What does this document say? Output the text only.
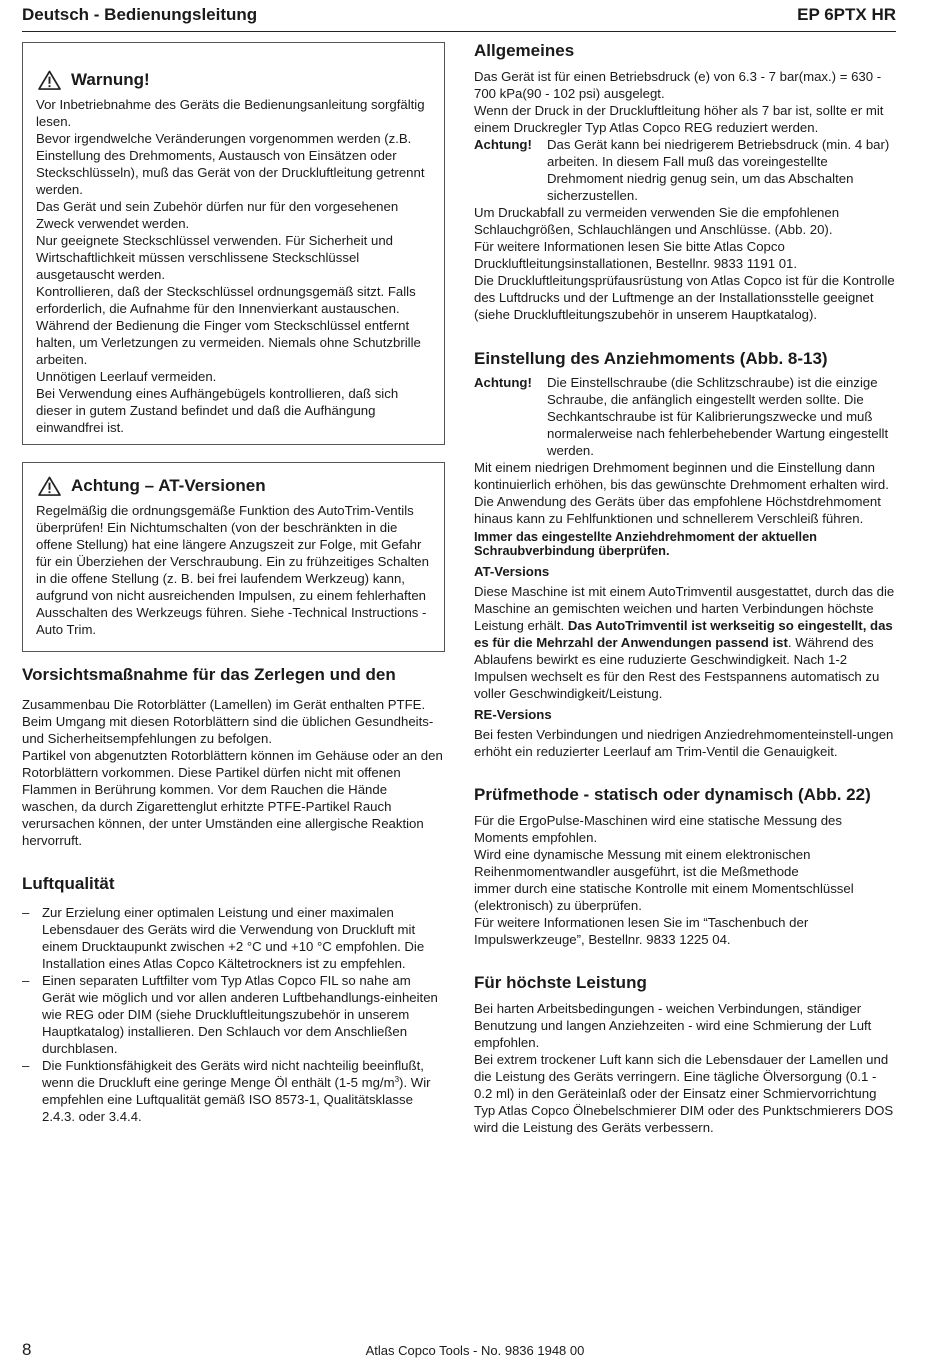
Deutsch - Bedienungsleitung	EP 6PTX HR
Warnung!

Vor Inbetriebnahme des Geräts die Bedienungsanleitung sorgfältig lesen.

Bevor irgendwelche Veränderungen vorgenommen werden (z.B. Einstellung des Drehmoments, Austausch von Einsätzen oder Steckschlüsseln), muß das Gerät von der Druckluftleitung getrennt werden.

Das Gerät und sein Zubehör dürfen nur für den vorgesehenen Zweck verwendet werden.

Nur geeignete Steckschlüssel verwenden. Für Sicherheit und Wirtschaftlichkeit müssen verschlissene Steckschlüssel ausgetauscht werden.

Kontrollieren, daß der Steckschlüssel ordnungsgemäß sitzt. Falls erforderlich, die Aufnahme für den Innenvierkant austauschen.

Während der Bedienung die Finger vom Steckschlüssel entfernt halten, um Verletzungen zu vermeiden. Niemals ohne Schutzbrille arbeiten.

Unnötigen Leerlauf vermeiden.

Bei Verwendung eines Aufhängebügels kontrollieren, daß sich dieser in gutem Zustand befindet und daß die Aufhängung einwandfrei ist.

Achtung – AT-Versionen

Regelmäßig die ordnungsgemäße Funktion des AutoTrim-Ventils überprüfen! Ein Nichtumschalten (von der beschränkten in die offene Stellung) hat eine längere Anzugszeit zur Folge, mit Gefahr für ein Überziehen der Verschraubung. Ein zu frühzeitiges Schalten in die offene Stellung (z. B. bei frei laufendem Werkzeug) kann, aufgrund von nicht ausreichenden Impulsen, zu einem fehlerhaften Ausschalten des Werkzeugs führen. Siehe -Technical Instructions - Auto Trim.

Vorsichtsmaßnahme für das Zerlegen und den

Zusammenbau Die Rotorblätter (Lamellen) im Gerät enthalten PTFE. Beim Umgang mit diesen Rotorblättern sind die üblichen Gesundheits- und Sicherheitsempfehlungen zu befolgen.

Partikel von abgenutzten Rotorblättern können im Gehäuse oder an den Rotorblättern vorkommen. Diese Partikel dürfen nicht mit offenen Flammen in Berührung kommen. Vor dem Rauchen die Hände waschen, da durch Zigarettenglut erhitzte PTFE-Partikel Rauch verursachen können, der unter Umständen eine allergische Reaktion hervorruft.

Luftqualität
– Zur Erzielung einer optimalen Leistung und einer maximalen Lebensdauer des Geräts wird die Verwendung von Druckluft mit einem Drucktaupunkt zwischen +2 °C und +10 °C empfohlen. Die Installation eines Atlas Copco Kältetrockners ist zu empfehlen.
– Einen separaten Luftfilter vom Typ Atlas Copco FIL so nahe am Gerät wie möglich und vor allen anderen Luftbehandlungs-einheiten wie REG oder DIM (siehe Druckluftleitungszubehör in unserem Hauptkatalog) installieren. Den Schlauch vor dem Anschließen durchblasen.
– Die Funktionsfähigkeit des Geräts wird nicht nachteilig beeinflußt, wenn die Druckluft eine geringe Menge Öl enthält (1-5 $mg/m^3$). Wir empfehlen eine Luftqualität gemäß ISO 8573-1, Qualitätsklasse 2.4.3. oder 3.4.4.
Allgemeines

Das Gerät ist für einen Betriebsdruck (e) von 6.3 - 7 bar(max.) = 630 - 700 kPa(90 - 102 psi) ausgelegt.

Wenn der Druck in der Druckluftleitung höher als 7 bar ist, sollte er mit einem Druckregler Typ Atlas Copco REG reduziert werden.

Achtung!	Das Gerät kann bei niedrigerem Betriebsdruck (min. 4 bar) arbeiten. In diesem Fall muß das voreingestellte Drehmoment niedrig genug sein, um das Abschalten sicherzustellen.

Um Druckabfall zu vermeiden verwenden Sie die empfohlenen Schlauchgrößen, Schlauchlängen und Anschlüsse. (Abb. 20).

Für weitere Informationen lesen Sie bitte Atlas Copco Druckluftleitungsinstallationen, Bestellnr. 9833 1191 01.

Die Druckluftleitungsprüfausrüstung von Atlas Copco ist für die Kontrolle des Luftdrucks und der Luftmenge an der Installationsstelle geeignet (siehe Druckluftleitungszubehör in unserem Hauptkatalog).

Einstellung des Anziehmoments (Abb. 8-13)
Achtung!	Die Einstellschraube (die Schlitzschraube) ist die einzige Schraube, die anfänglich eingestellt werden sollte. Die Sechkantschraube ist für Kalibrierungszwecke und muß normalerweise nach fehlerbehebender Wartung eingestellt werden.

Mit einem niedrigen Drehmoment beginnen und die Einstellung dann kontinuierlich erhöhen, bis das gewünschte Drehmoment erhalten wird.

Die Anwendung des Geräts über das empfohlene Höchstdrehmoment hinaus kann zu Fehlfunktionen und schnellerem Verschleiß führen.

Immer das eingestellte Anziehdrehmoment der aktuellen Schraubverbindung überprüfen.
AT-Versions

Diese Maschine ist mit einem AutoTrimventil ausgestattet, durch das die Maschine an gemischten weichen und harten Verbindungen höchste Leistung erhält. Das AutoTrimventil ist werkseitig so eingestellt, das es für die Mehrzahl der Anwendungen passend ist. Während des Ablaufens bewirkt es eine ruduzierte Geschwindigkeit. Nach 1-2 Impulsen wechselt es für den Rest des Festspannens automatisch zu voller Geschwindigkeit/Leistung.

RE-Versions

Bei festen Verbindungen und niedrigen Anziedrehmomenteinstell-ungen erhöht ein reduzierter Leerlauf am Trim-Ventil die Genauigkeit.

Prüfmethode - statisch oder dynamisch (Abb. 22)

Für die ErgoPulse-Maschinen wird eine statische Messung des Moments empfohlen.

Wird eine dynamische Messung mit einem elektronischen Reihenmomentwandler ausgeführt, ist die Meßmethode

immer durch eine statische Kontrolle mit einem Momentschlüssel (elektronisch) zu überprüfen.

Für weitere Informationen lesen Sie im “Taschenbuch der Impulswerkzeuge”, Bestellnr. 9833 1225 04.

Für höchste Leistung

Bei harten Arbeitsbedingungen - weichen Verbindungen, ständiger Benutzung und langen Anziehzeiten - wird eine Schmierung der Luft empfohlen.

Bei extrem trockener Luft kann sich die Lebensdauer der Lamellen und die Leistung des Geräts verringern. Eine tägliche Ölversorgung (0.1 - 0.2 ml) in den Geräteinlaß oder der Einsatz einer Schmiervorrichtung Typ Atlas Copco Ölnebelschmierer DIM oder des Punktschmierers DOS wird die Leistung des Geräts verbessern.

8	Atlas Copco Tools - No. 9836 1948 00
